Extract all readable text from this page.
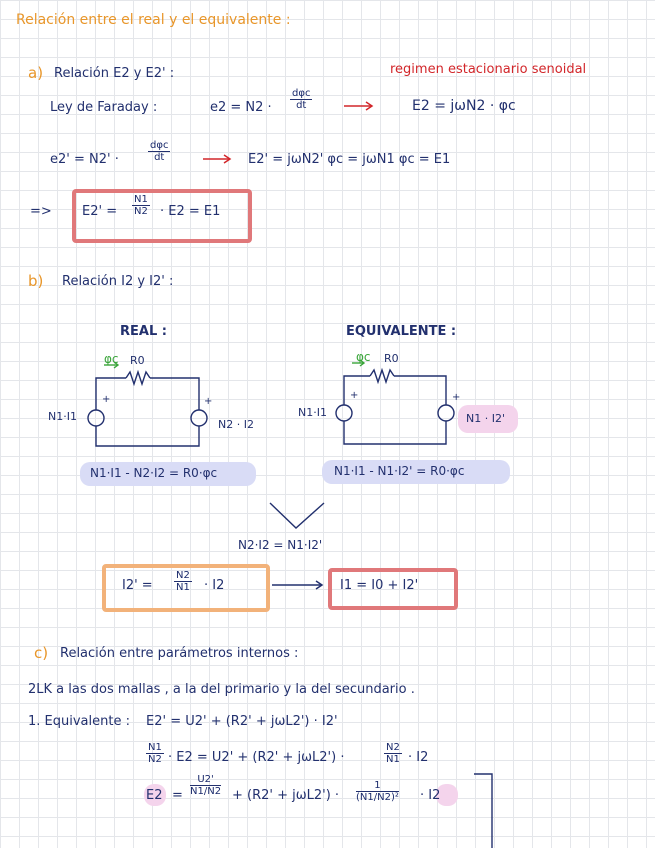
Relación entre el real y el equivalente :
a) Relación E2 y E2' :	regimen estacionario senoidal
Ley de Faraday :	$e2 = N2 \cdot \frac{\text{dφc}}{dt}$	E2 = jωN2 · φc
e2' = N2' ·	$\frac{\text{dφc}}{dt}$	E2' = jωN2' φc = jωN1 φc = E1
=> $E2' = \frac{N1}{N2} \cdot E2 = E1$
b) Relación I2 y I2' :
REAL :	EQUIVALENTE :
φc R0
+	+
N1·I1
N2 · I2
φc R0
+	+
N1·I1	N1 · I2'
N1·I1 - N2·I2 = R0·φc	N1·I1 - N1·I2' = R0·φc
N2·I2 = N1·I2'
$I2' = \frac{N2}{N1} \cdot I2$	I1 = I0 + I2'
c) Relación entre parámetros internos :
2LK a las dos mallas , a la del primario y la del secundario .
1. Equivalente : E2' = U2' + (R2' + jωL2') · I2'
$\frac{N1}{N2} \cdot E2 = U2' + (R2' + j\omega L2')$ ·	$\frac{N2}{N1} \cdot I2$
$E2 = \frac{U2'}{N1/N2} + (R2' + j\omega L2') \cdot \frac{1}{\text{(N1/N2)²}} \cdot I2$
